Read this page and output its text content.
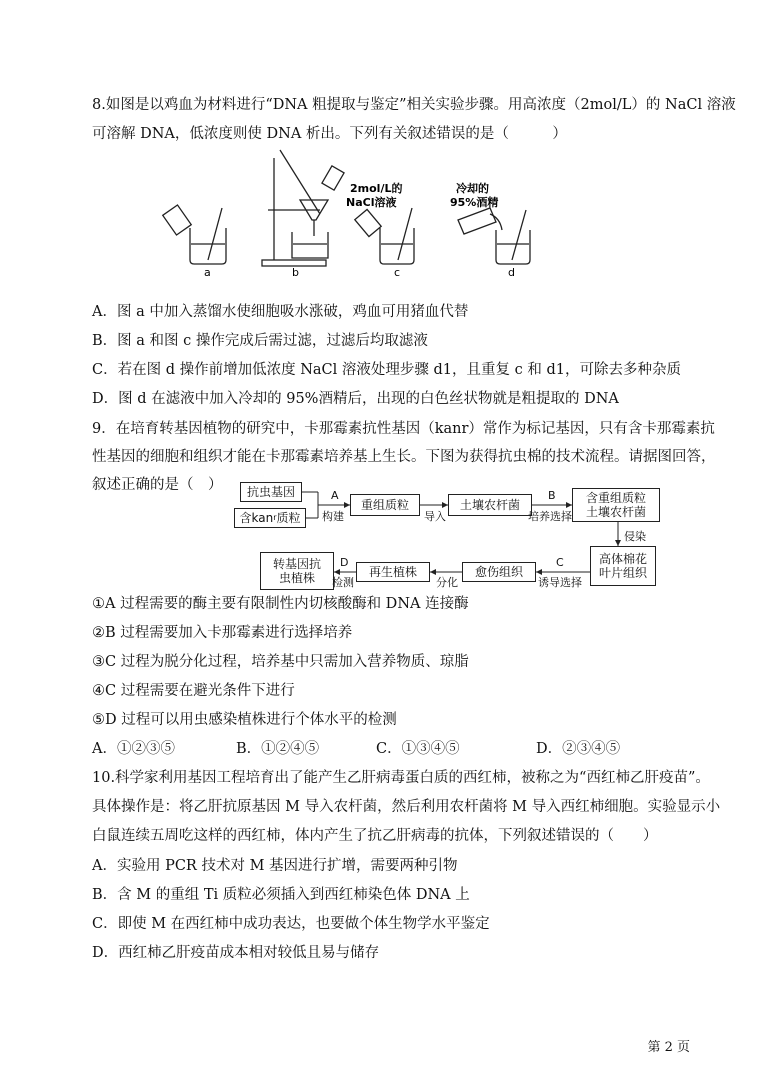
8.如图是以鸡血为材料进行“DNA 粗提取与鉴定”相关实验步骤。用高浓度（2mol/L）的 NaCl 溶液
可溶解 DNA，低浓度则使 DNA 析出。下列有关叙述错误的是（　　　）
a	b	c	d
2mol/L的
NaCl溶液
冷却的
95%酒精
A．图 a 中加入蒸馏水使细胞吸水涨破，鸡血可用猪血代替
B．图 a 和图 c 操作完成后需过滤，过滤后均取滤液
C．若在图 d 操作前增加低浓度 NaCl 溶液处理步骤 d1，且重复 c 和 d1，可除去多种杂质
D．图 d 在滤液中加入冷却的 95%酒精后，出现的白色丝状物就是粗提取的 DNA
9．在培育转基因植物的研究中，卡那霉素抗性基因（kanr）常作为标记基因，只有含卡那霉素抗
性基因的细胞和组织才能在卡那霉素培养基上生长。下图为获得抗虫棉的技术流程。请据图回答，
叙述正确的是（　）	抗虫基因
含kan r 质粒
重组质粒	土壤农杆菌	含重组质粒
土壤农杆菌
高体棉花
叶片组织
愈伤组织
再生植株
转基因抗
虫植株
A
构建	导入
B
培养选择
侵染
C
诱导选择
分化
D
检测
①A 过程需要的酶主要有限制性内切核酸酶和 DNA 连接酶
②B 过程需要加入卡那霉素进行选择培养
③C 过程为脱分化过程，培养基中只需加入营养物质、琼脂
④C 过程需要在避光条件下进行
⑤D 过程可以用虫感染植株进行个体水平的检测
A．①②③⑤	B．①②④⑤	C．①③④⑤	D．②③④⑤
10.科学家利用基因工程培育出了能产生乙肝病毒蛋白质的西红柿，被称之为“西红柿乙肝疫苗”。
具体操作是：将乙肝抗原基因 M 导入农杆菌，然后利用农杆菌将 M 导入西红柿细胞。实验显示小
白鼠连续五周吃这样的西红柿，体内产生了抗乙肝病毒的抗体，下列叙述错误的（　　）
A．实验用 PCR 技术对 M 基因进行扩增，需要两种引物
B．含 M 的重组 Ti 质粒必须插入到西红柿染色体 DNA 上
C．即使 M 在西红柿中成功表达，也要做个体生物学水平鉴定
D．西红柿乙肝疫苗成本相对较低且易与储存
第 2 页
